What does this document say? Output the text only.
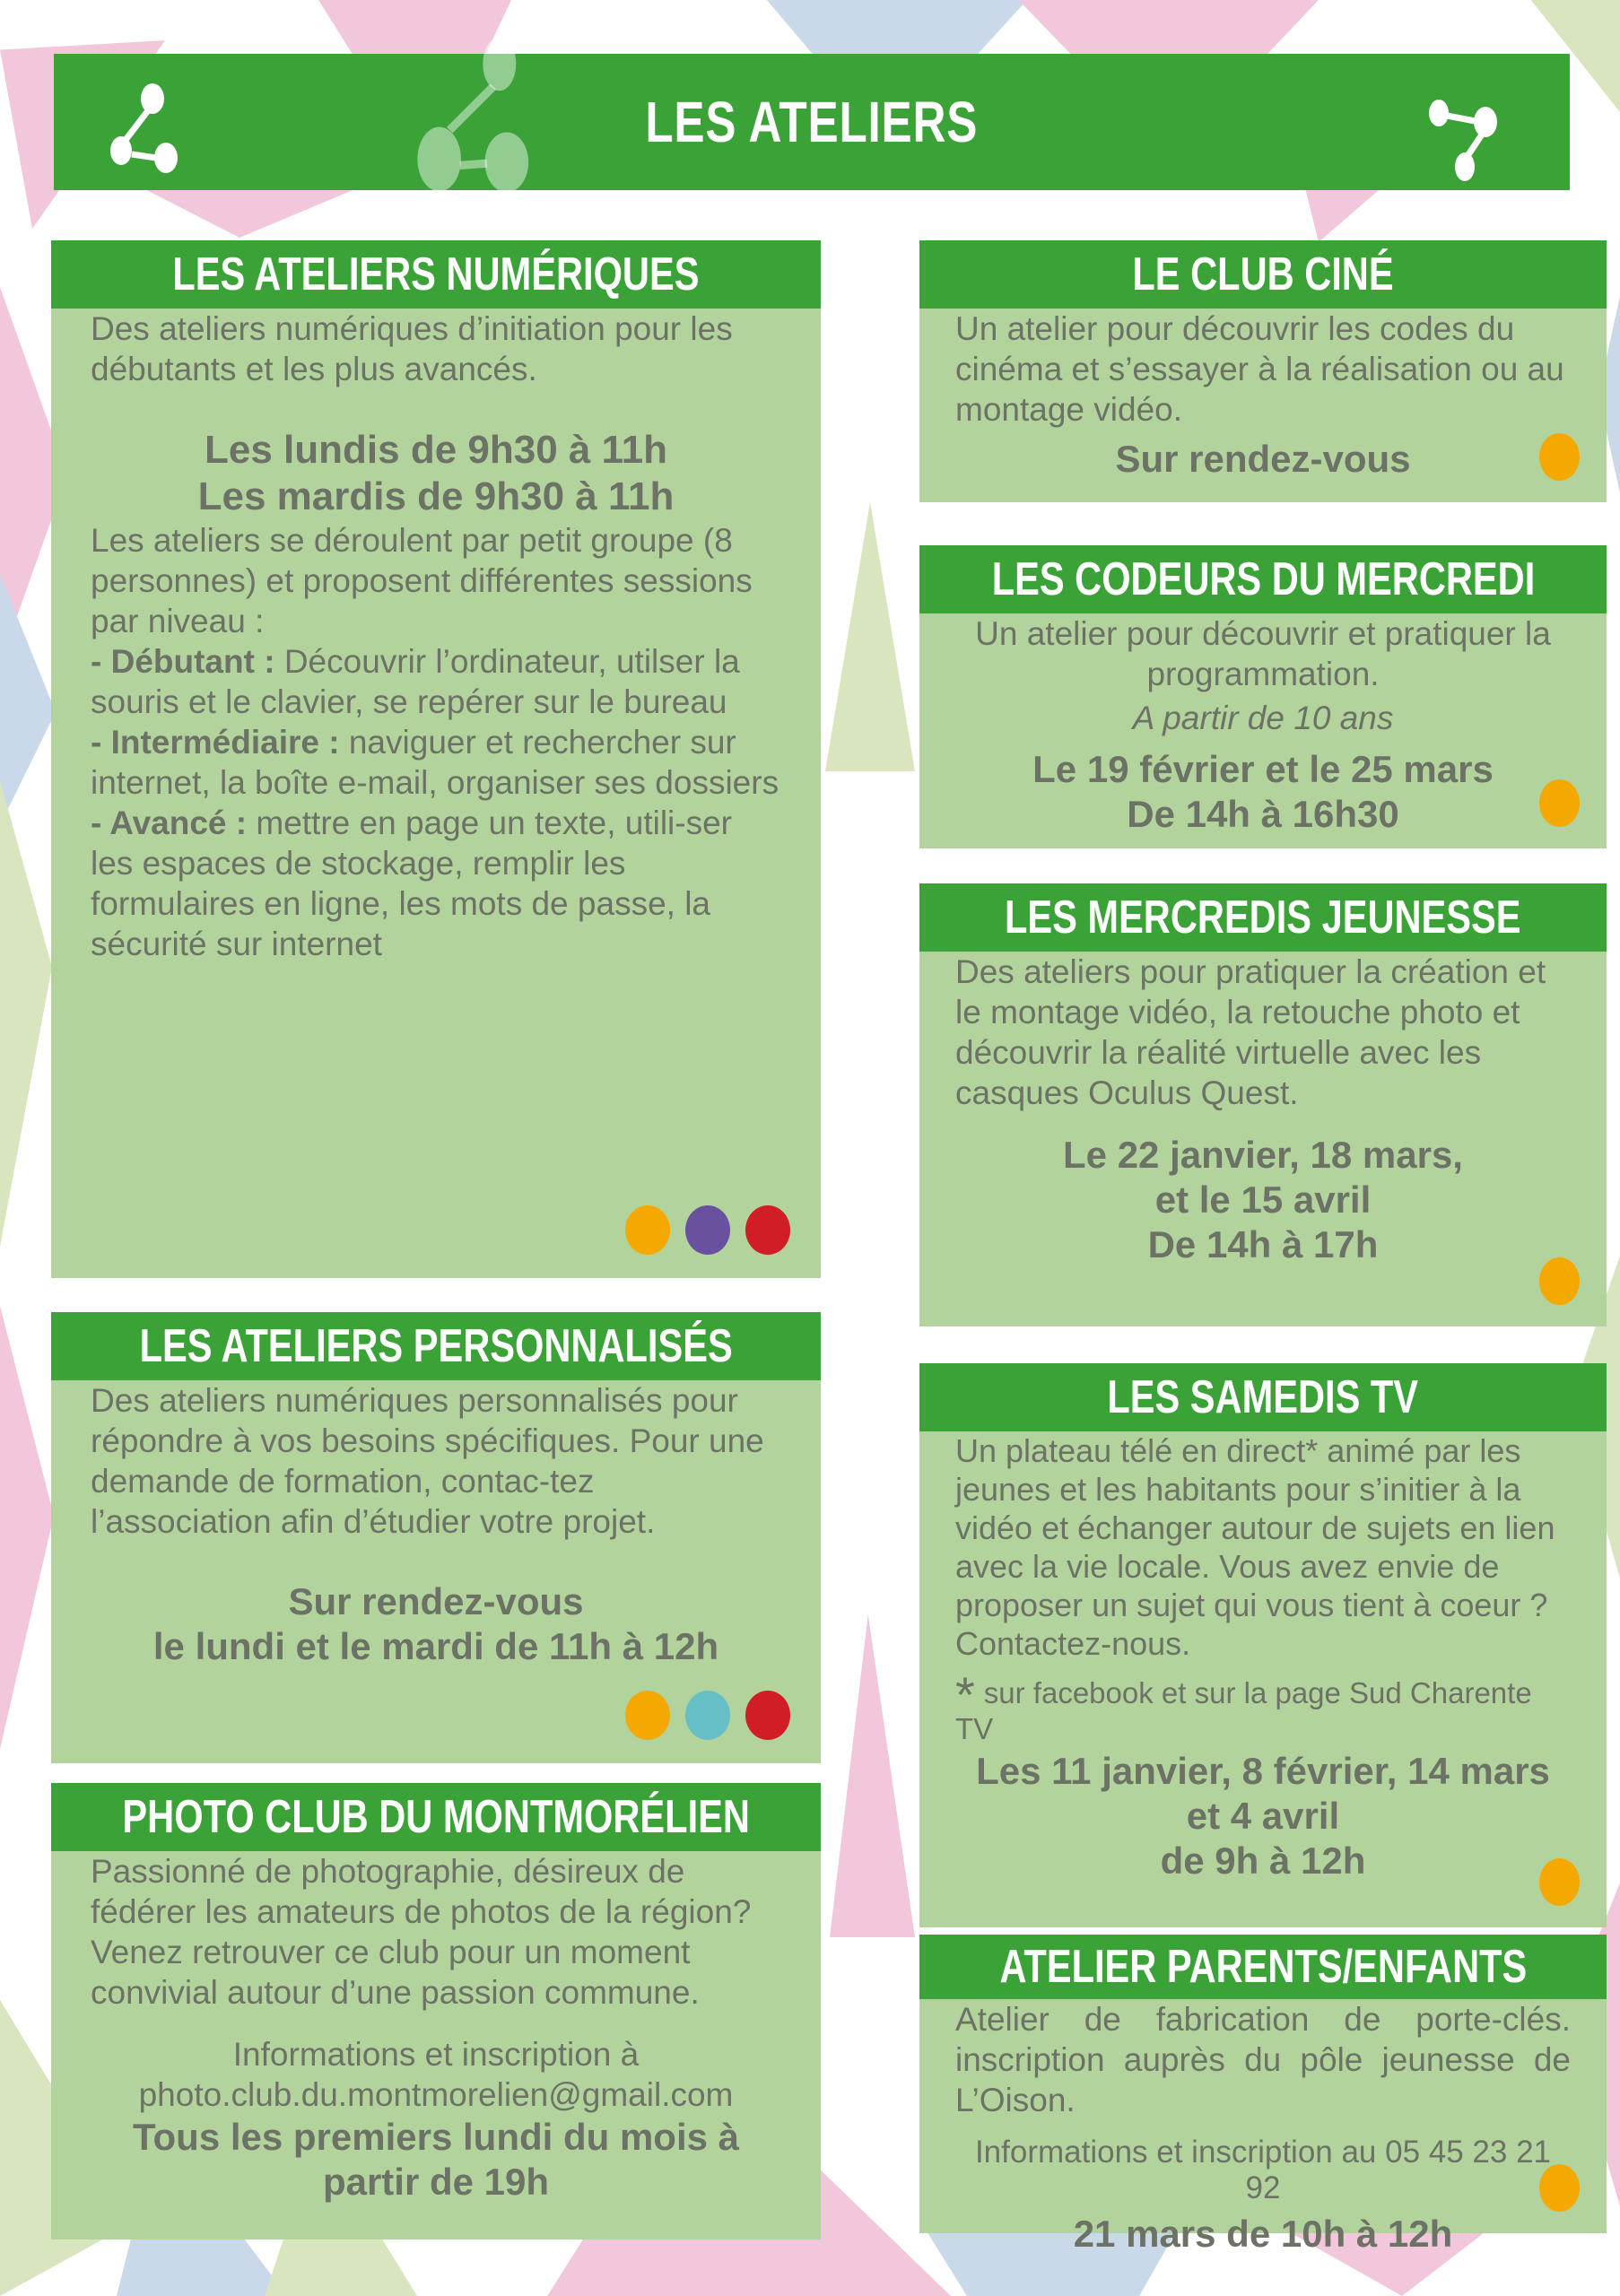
LES ATELIERS
LES ATELIERS NUMÉRIQUES

Des ateliers numériques d’initiation pour les débutants et les plus avancés.

Les lundis de 9h30 à 11h

Les mardis de 9h30 à 11h

Les ateliers se déroulent par petit groupe (8 personnes) et proposent différentes sessions par niveau :

- Débutant : Découvrir l’ordinateur, utilser la souris et le clavier, se repérer sur le bureau

- Intermédiaire : naviguer et rechercher sur internet, la boîte e-mail, organiser ses dossiers

- Avancé : mettre en page un texte, utili-ser les espaces de stockage, remplir les formulaires en ligne, les mots de passe, la sécurité sur internet

LES ATELIERS PERSONNALISÉS

Des ateliers numériques personnalisés pour répondre à vos besoins spécifiques. Pour une demande de formation, contac-tez l’association afin d’étudier votre projet.

Sur rendez-vous

le lundi et le mardi de 11h à 12h

PHOTO CLUB DU MONTMORÉLIEN

Passionné de photographie, désireux de fédérer les amateurs de photos de la région? Venez retrouver ce club pour un moment convivial autour d’une passion commune.

Informations et inscription à

photo.club.du.montmorelien@gmail.com

Tous les premiers lundi du mois à partir de 19h

LE CLUB CINÉ

Un atelier pour découvrir les codes du cinéma et s’essayer à la réalisation ou au montage vidéo.

Sur rendez-vous

LES CODEURS DU MERCREDI

Un atelier pour découvrir et pratiquer la programmation.

A partir de 10 ans

Le 19 février et le 25 mars

De 14h à 16h30

LES MERCREDIS JEUNESSE

Des ateliers pour pratiquer la création et le montage vidéo, la retouche photo et découvrir la réalité virtuelle avec les casques Oculus Quest.

Le 22 janvier, 18 mars,

et le 15 avril

De 14h à 17h

LES SAMEDIS TV

Un plateau télé en direct* animé par les jeunes et les habitants pour s’initier à la vidéo et échanger autour de sujets en lien avec la vie locale. Vous avez envie de proposer un sujet qui vous tient à coeur ? Contactez-nous.

* sur facebook et sur la page Sud Charente TV

Les 11 janvier, 8 février, 14 mars

et 4 avril

de 9h à 12h

ATELIER PARENTS/ENFANTS

Atelier de fabrication de porte-clés. inscription auprès du pôle jeunesse de L’Oison.

Informations et inscription au 05 45 23 21 92

21 mars de 10h à 12h
